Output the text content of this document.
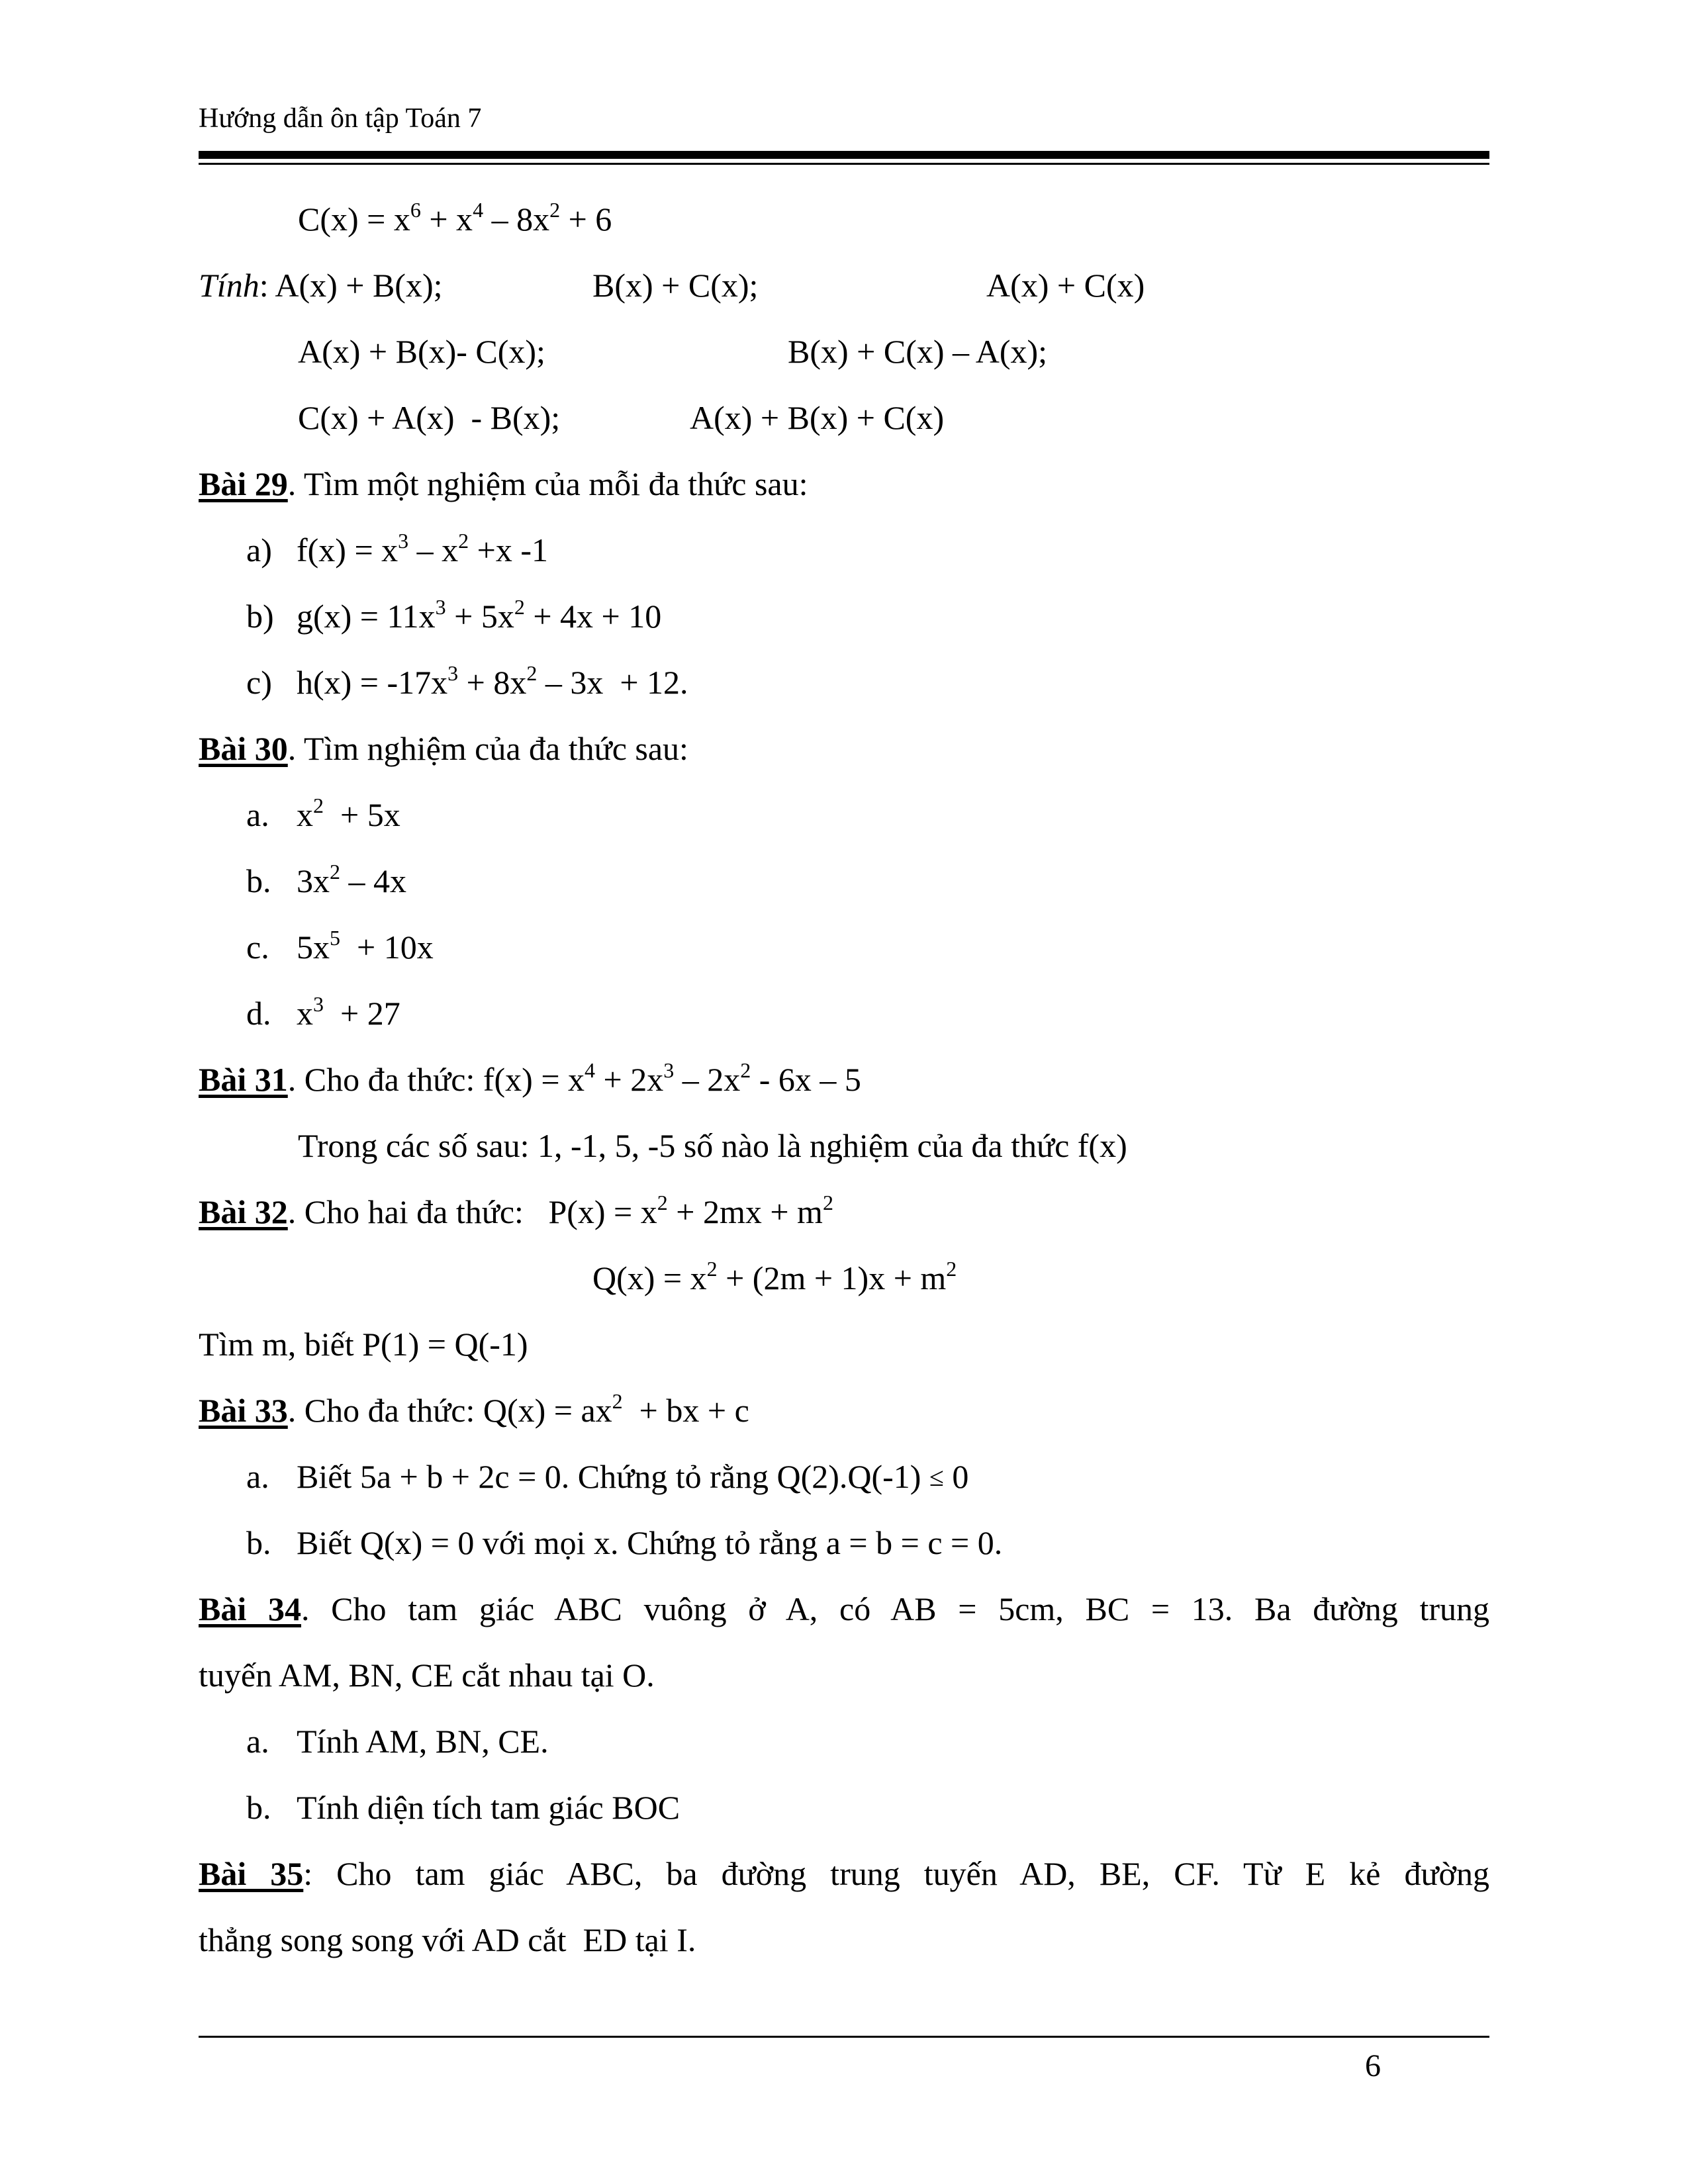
Hướng dẫn ôn tập Toán 7
$C(x) = x^6 + x^4 - 8x^2 + 6$
Tính: A(x) + B(x);	B(x) + C(x);	A(x) + C(x)
A(x) + B(x)- C(x);	B(x) + C(x) – A(x);
C(x) + A(x)  - B(x);	A(x) + B(x) + C(x)
Bài 29. Tìm một nghiệm của mỗi đa thức sau:
a) $f(x) = x^3 - x^2 +x$ -1
b) $g(x) = 11x^3 + 5x^2 + 4x + 10$
c) $h(x) = -17x^3 + 8x^2 - 3x + 12$.
Bài 30. Tìm nghiệm của đa thức sau:
a. $x^2 + 5x$
b. $3x^2 - 4x$
c. $5x^5 + 10x$
d. $x^3 + 27$
Bài 31. Cho đa thức: $f(x) = x^4 + 2x^3 - 2x^2 - 6x - 5$
Trong các số sau: 1, -1, 5, -5 số nào là nghiệm của đa thức f(x)
Bài 32. Cho hai đa thức:   $P(x) = x^2 + 2mx + m^2$
$Q(x) = x^2 + (2m + 1)x + m^2$
Tìm m, biết P(1) = Q(-1)
Bài 33. Cho đa thức: $Q(x) = ax^2$  + bx + c
a. Biết 5a + b + 2c = 0. Chứng tỏ rằng Q(2).Q(-1) ≤ 0
b. Biết Q(x) = 0 với mọi x. Chứng tỏ rằng a = b = c = 0.
Bài 34. Cho tam giác ABC vuông ở A, có AB = 5cm, BC = 13. Ba đường trung
tuyến AM, BN, CE cắt nhau tại O.
a. Tính AM, BN, CE.
b. Tính diện tích tam giác BOC
Bài 35: Cho tam giác ABC, ba đường trung tuyến AD, BE, CF. Từ E kẻ đường
thẳng song song với AD cắt  ED tại I.
6
